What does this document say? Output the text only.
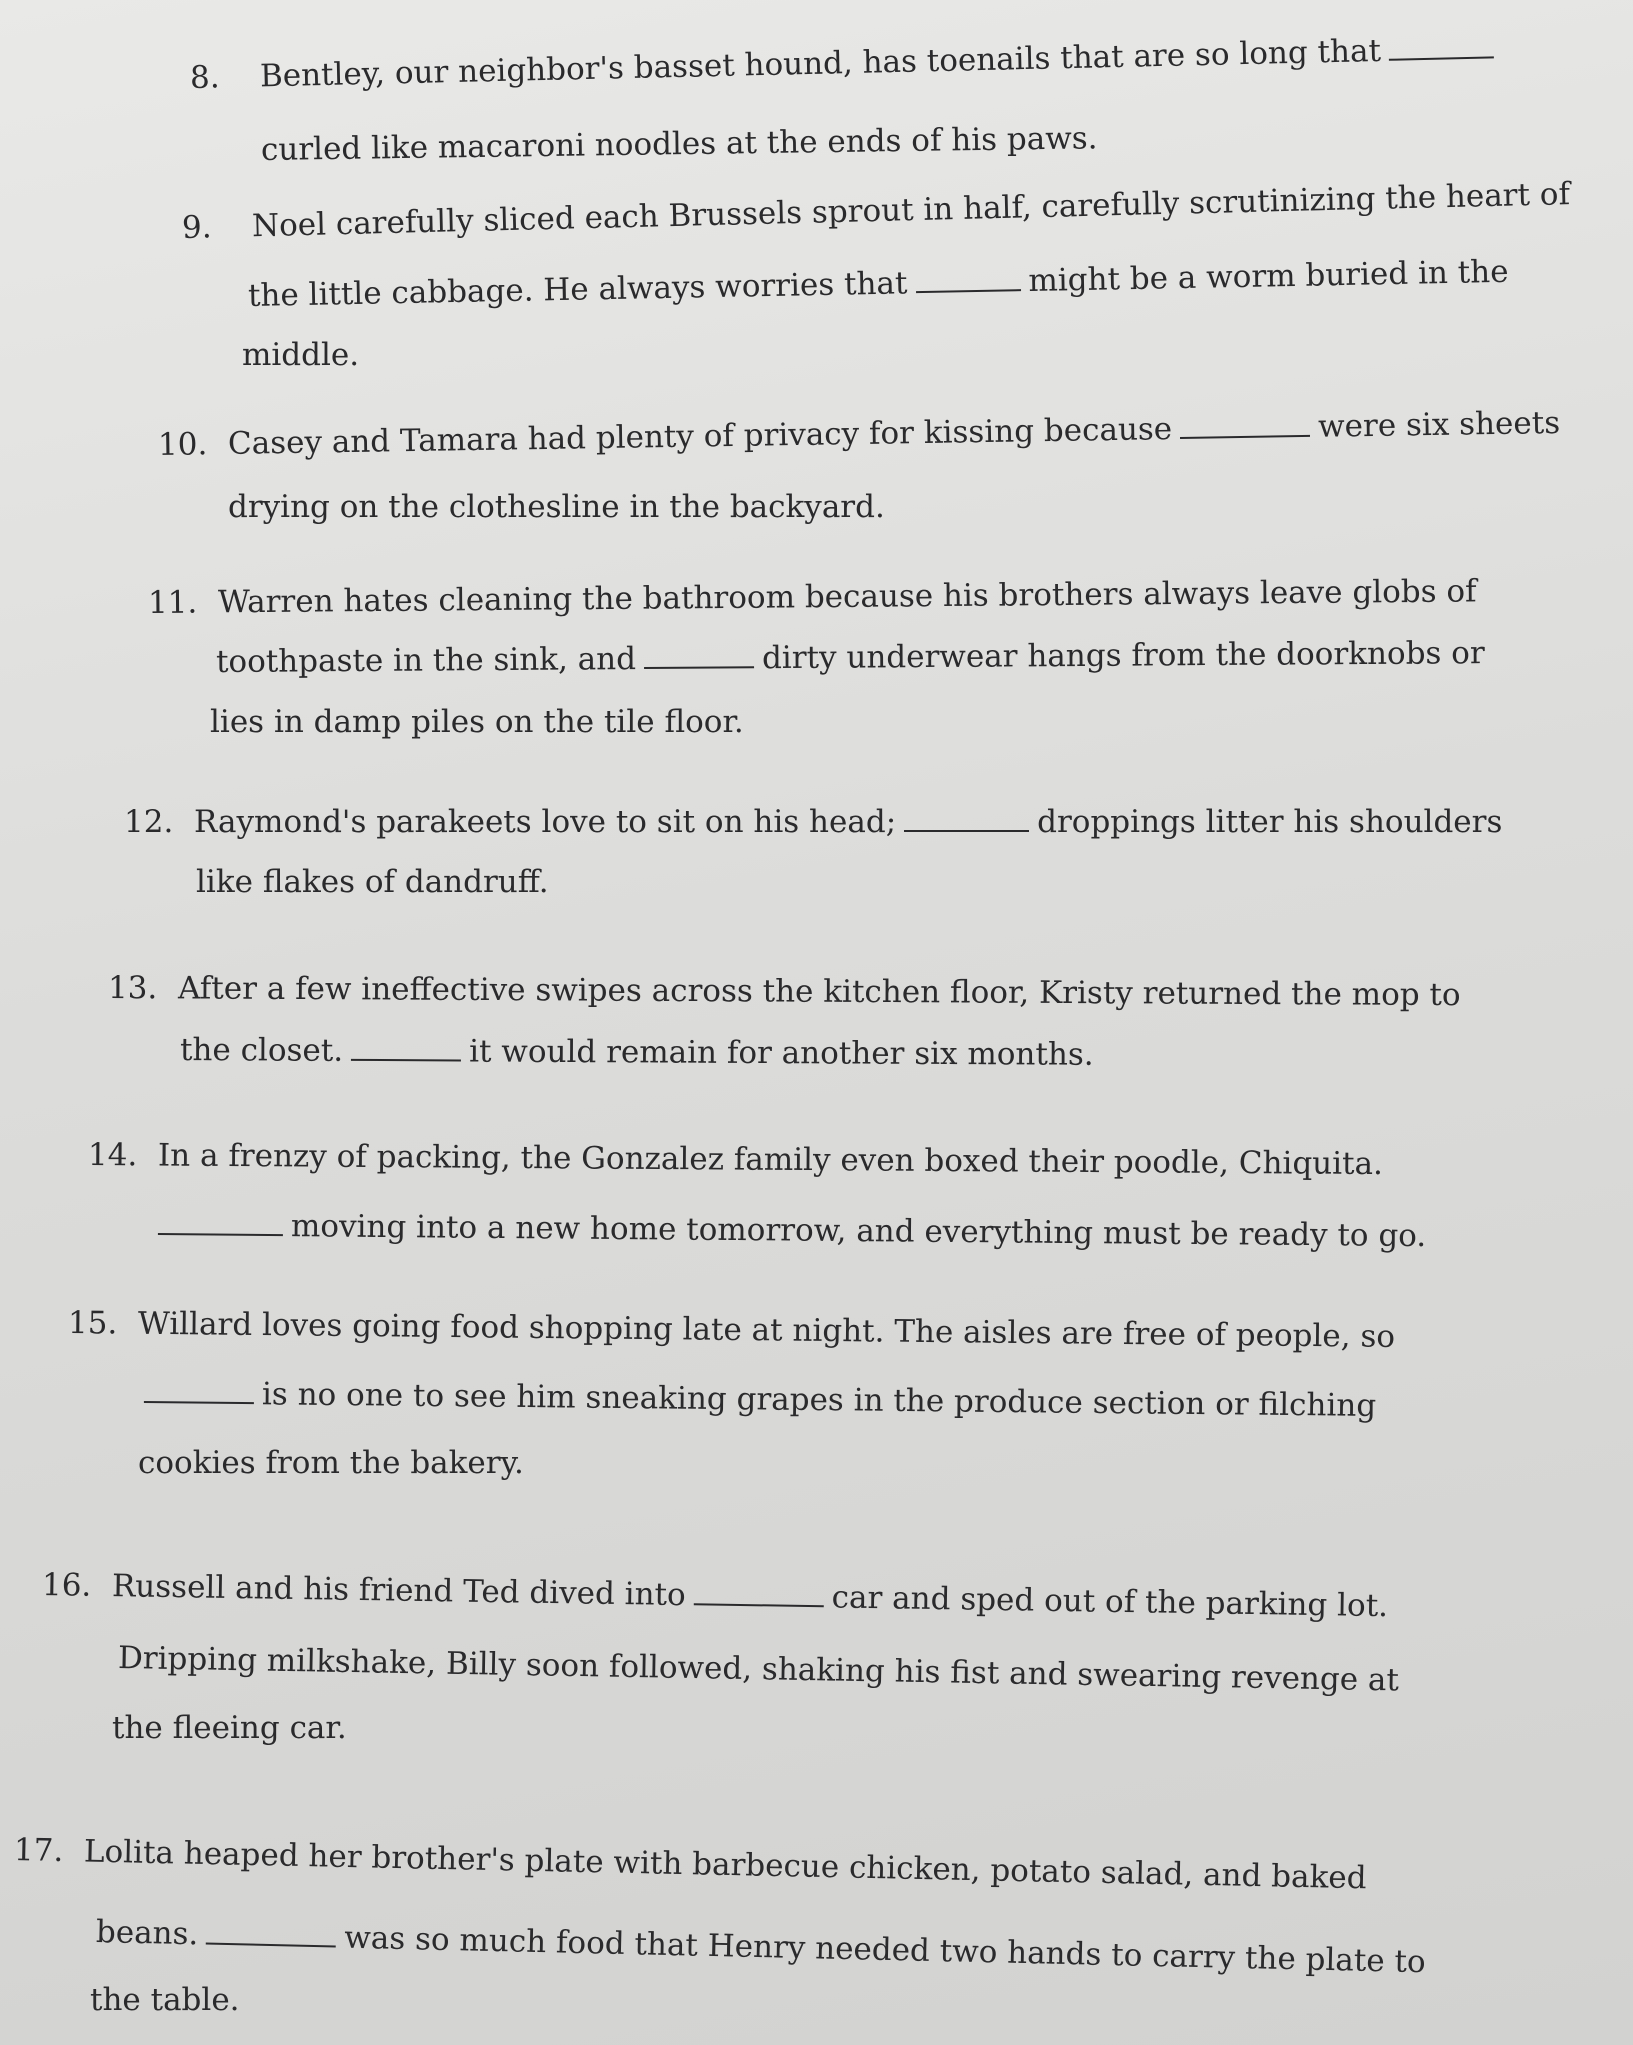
8. Bentley, our neighbor's basset hound, has toenails that are so long that
curled like macaroni noodles at the ends of his paws.
9. Noel carefully sliced each Brussels sprout in half, carefully scrutinizing the heart of
the little cabbage. He always worries that	might be a worm buried in the
middle.
10. Casey and Tamara had plenty of privacy for kissing because	were six sheets
drying on the clothesline in the backyard.
11. Warren hates cleaning the bathroom because his brothers always leave globs of
toothpaste in the sink, and	dirty underwear hangs from the doorknobs or
lies in damp piles on the tile floor.
12. Raymond's parakeets love to sit on his head;	droppings litter his shoulders
like flakes of dandruff.
13. After a few ineffective swipes across the kitchen floor, Kristy returned the mop to
the closet.	it would remain for another six months.
14. In a frenzy of packing, the Gonzalez family even boxed their poodle, Chiquita.
moving into a new home tomorrow, and everything must be ready to go.
15. Willard loves going food shopping late at night. The aisles are free of people, so
is no one to see him sneaking grapes in the produce section or filching
cookies from the bakery.
16. Russell and his friend Ted dived into	car and sped out of the parking lot.
Dripping milkshake, Billy soon followed, shaking his fist and swearing revenge at
the fleeing car.
17. Lolita heaped her brother's plate with barbecue chicken, potato salad, and baked
beans.	was so much food that Henry needed two hands to carry the plate to
the table.
